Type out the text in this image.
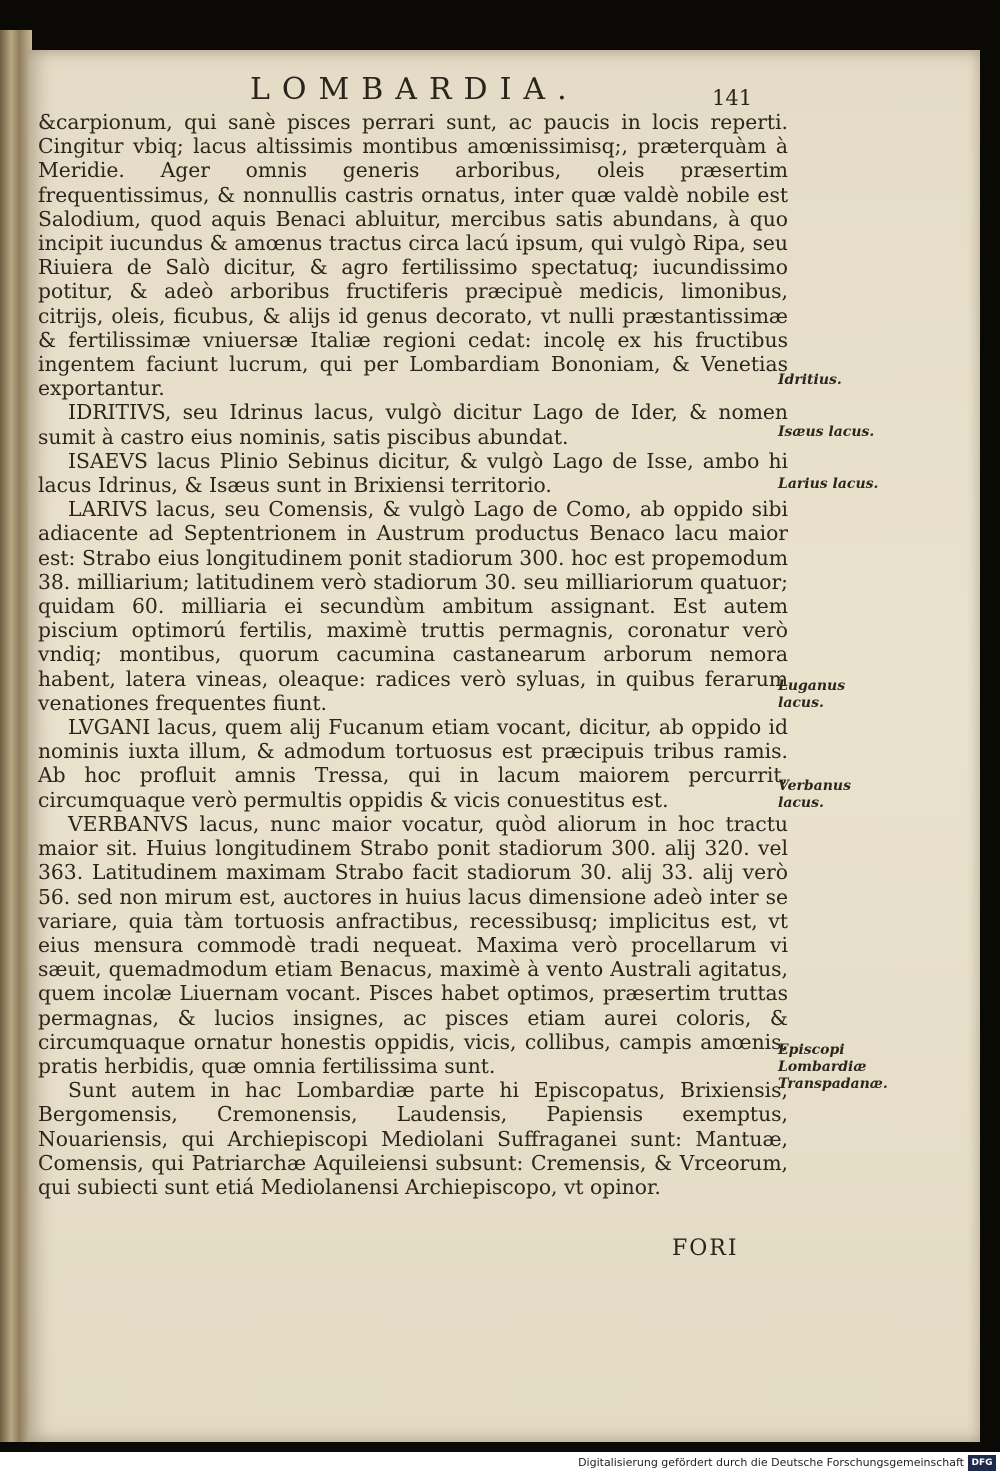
LOMBARDIA.	141

&carpionum, qui sanè pisces perrari sunt, ac paucis in locis reperti. Cingitur vbiq; lacus altissimis montibus amœnissimisq;, præterquàm à Meridie. Ager omnis generis arboribus, oleis præsertim frequentissimus, & nonnullis castris ornatus, inter quæ valdè nobile est Salodium, quod aquis Benaci abluitur, mercibus satis abundans, à quo incipit iucundus & amœnus tractus circa lacú ipsum, qui vulgò Ripa, seu Riuiera de Salò dicitur, & agro fertilissimo spectatuq; iucundissimo potitur, & adeò arboribus fructiferis præcipuè medicis, limonibus, citrijs, oleis, ficubus, & alijs id genus decorato, vt nulli præstantissimæ & fertilissimæ vniuersæ Italiæ regioni cedat: incolę ex his fructibus ingentem faciunt lucrum, qui per Lombardiam Bononiam, & Venetias exportantur.

IDRITIVS, seu Idrinus lacus, vulgò dicitur Lago de Ider, & nomen sumit à castro eius nominis, satis piscibus abundat.

ISAEVS lacus Plinio Sebinus dicitur, & vulgò Lago de Isse, ambo hi lacus Idrinus, & Isæus sunt in Brixiensi territorio.

LARIVS lacus, seu Comensis, & vulgò Lago de Como, ab oppido sibi adiacente ad Septentrionem in Austrum productus Benaco lacu maior est: Strabo eius longitudinem ponit stadiorum 300. hoc est propemodum 38. milliarium; latitudinem verò stadiorum 30. seu milliariorum quatuor; quidam 60. milliaria ei secundùm ambitum assignant. Est autem piscium optimorú fertilis, maximè truttis permagnis, coronatur verò vndiq; montibus, quorum cacumina castanearum arborum nemora habent, latera vineas, oleaque: radices verò syluas, in quibus ferarum venationes frequentes fiunt.

LVGANI lacus, quem alij Fucanum etiam vocant, dicitur, ab oppido id nominis iuxta illum, & admodum tortuosus est præcipuis tribus ramis. Ab hoc profluit amnis Tressa, qui in lacum maiorem percurrit, circumquaque verò permultis oppidis & vicis conuestitus est.

VERBANVS lacus, nunc maior vocatur, quòd aliorum in hoc tractu maior sit. Huius longitudinem Strabo ponit stadiorum 300. alij 320. vel 363. Latitudinem maximam Strabo facit stadiorum 30. alij 33. alij verò 56. sed non mirum est, auctores in huius lacus dimensione adeò inter se variare, quia tàm tortuosis anfractibus, recessibusq; implicitus est, vt eius mensura commodè tradi nequeat. Maxima verò procellarum vi sæuit, quemadmodum etiam Benacus, maximè à vento Australi agitatus, quem incolæ Liuernam vocant. Pisces habet optimos, præsertim truttas permagnas, & lucios insignes, ac pisces etiam aurei coloris, & circumquaque ornatur honestis oppidis, vicis, collibus, campis amœnis, pratis herbidis, quæ omnia fertilissima sunt.

Sunt autem in hac Lombardiæ parte hi Episcopatus, Brixiensis, Bergomensis, Cremonensis, Laudensis, Papiensis exemptus, Nouariensis, qui Archiepiscopi Mediolani Suffraganei sunt: Mantuæ, Comensis, qui Patriarchæ Aquileiensi subsunt: Cremensis, & Vrceorum, qui subiecti sunt etiá Mediolanensi Archiepiscopo, vt opinor.

Idritius.
Isæus lacus.
Larius lacus.
Luganus lacus.
Verbanus lacus.
Episcopi Lombardiæ Transpadanæ.
FORI
Digitalisierung gefördert durch die Deutsche Forschungsgemeinschaft DFG
